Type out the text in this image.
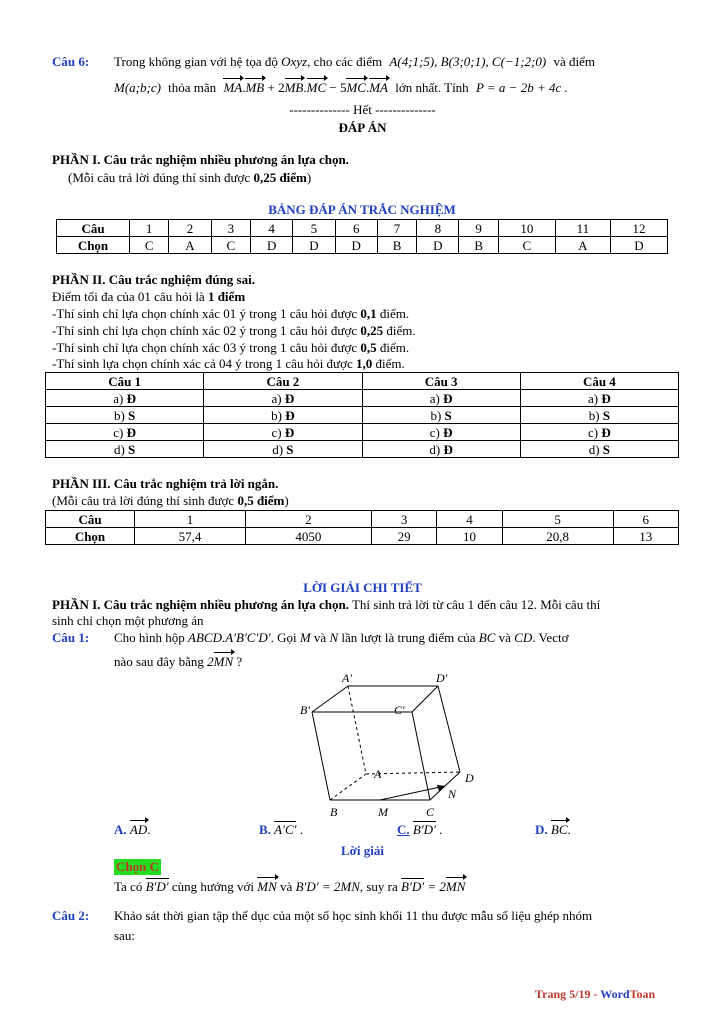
Câu 6: Trong không gian với hệ tọa độ Oxyz, cho các điểm A(4;1;5), B(3;0;1), C(−1;2;0) và điểm
M(a;b;c) thỏa mãn MA.MB + 2MB.MC − 5MC.MA lớn nhất. Tính P = a − 2b + 4c .
-------------- Hết --------------
ĐÁP ÁN
PHẦN I. Câu trắc nghiệm nhiều phương án lựa chọn.
(Mỗi câu trả lời đúng thí sinh được 0,25 điểm)
BẢNG ĐÁP ÁN TRẮC NGHIỆM
Câu	1	2	3	4	5	6	7	8	9	10	11	12
Chọn	C	A	C	D	D	D	B	D	B	C	A	D
PHẦN II. Câu trắc nghiệm đúng sai.
Điểm tối đa của 01 câu hỏi là 1 điểm
-Thí sinh chỉ lựa chọn chính xác 01 ý trong 1 câu hỏi được 0,1 điểm.
-Thí sinh chỉ lựa chọn chính xác 02 ý trong 1 câu hỏi được 0,25 điểm.
-Thí sinh chỉ lựa chọn chính xác 03 ý trong 1 câu hỏi được 0,5 điểm.
-Thí sinh lựa chọn chính xác cả 04 ý trong 1 câu hỏi được 1,0 điểm.
Câu 1	Câu 2	Câu 3	Câu 4
a) Đ	a) Đ	a) Đ	a) Đ
b) S	b) Đ	b) S	b) S
c) Đ	c) Đ	c) Đ	c) Đ
d) S	d) S	d) Đ	d) S
PHẦN III. Câu trắc nghiệm trả lời ngắn.
(Mỗi câu trả lời đúng thí sinh được 0,5 điểm)
Câu	1	2	3	4	5	6
Chọn	57,4	4050	29	10	20,8	13
LỜI GIẢI CHI TIẾT
PHẦN I. Câu trắc nghiệm nhiều phương án lựa chọn. Thí sinh trả lời từ câu 1 đến câu 12. Mỗi câu thí
sinh chỉ chọn một phương án
Câu 1: Cho hình hộp ABCD.A′B′C′D′. Gọi M và N lần lượt là trung điểm của BC và CD. Vectơ
nào sau đây bằng 2MN ?
A′	D′
B′	C′
A	D
N
B	M	C
A. AD.	B. A′C′ .	C. B′D′ .	D. BC.
Lời giải
Chọn C
Ta có B′D′ cùng hướng với MN và B′D′ = 2MN, suy ra B′D′ = 2MN
Câu 2: Khảo sát thời gian tập thể dục của một số học sinh khối 11 thu được mẫu số liệu ghép nhóm
sau:
Trang 5/19 - WordToan
